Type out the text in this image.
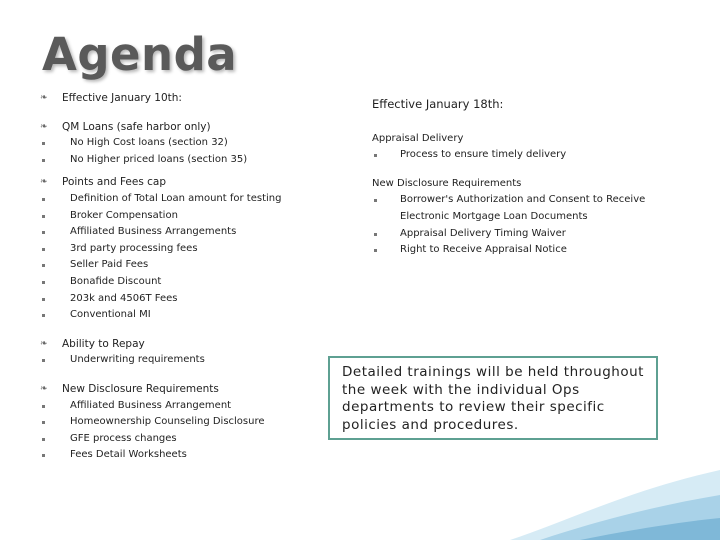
Agenda
❧ Effective January 10th:
❧ QM Loans (safe harbor only)
No High Cost loans (section 32)
No Higher priced loans (section 35)
❧ Points and Fees cap
Definition of Total Loan amount for testing
Broker Compensation
Affiliated Business Arrangements
3rd party processing fees
Seller Paid Fees
Bonafide Discount
203k and 4506T Fees
Conventional MI
❧ Ability to Repay
Underwriting requirements
❧ New Disclosure Requirements
Affiliated Business Arrangement
Homeownership Counseling Disclosure
GFE process changes
Fees Detail Worksheets
Effective January 18th:
Appraisal Delivery
Process to ensure timely delivery
New Disclosure Requirements
Borrower's Authorization and Consent to Receive Electronic Mortgage Loan Documents
Appraisal Delivery Timing Waiver
Right to Receive Appraisal Notice
Detailed trainings will be held throughout the week with the individual Ops departments to review their specific policies and procedures.
